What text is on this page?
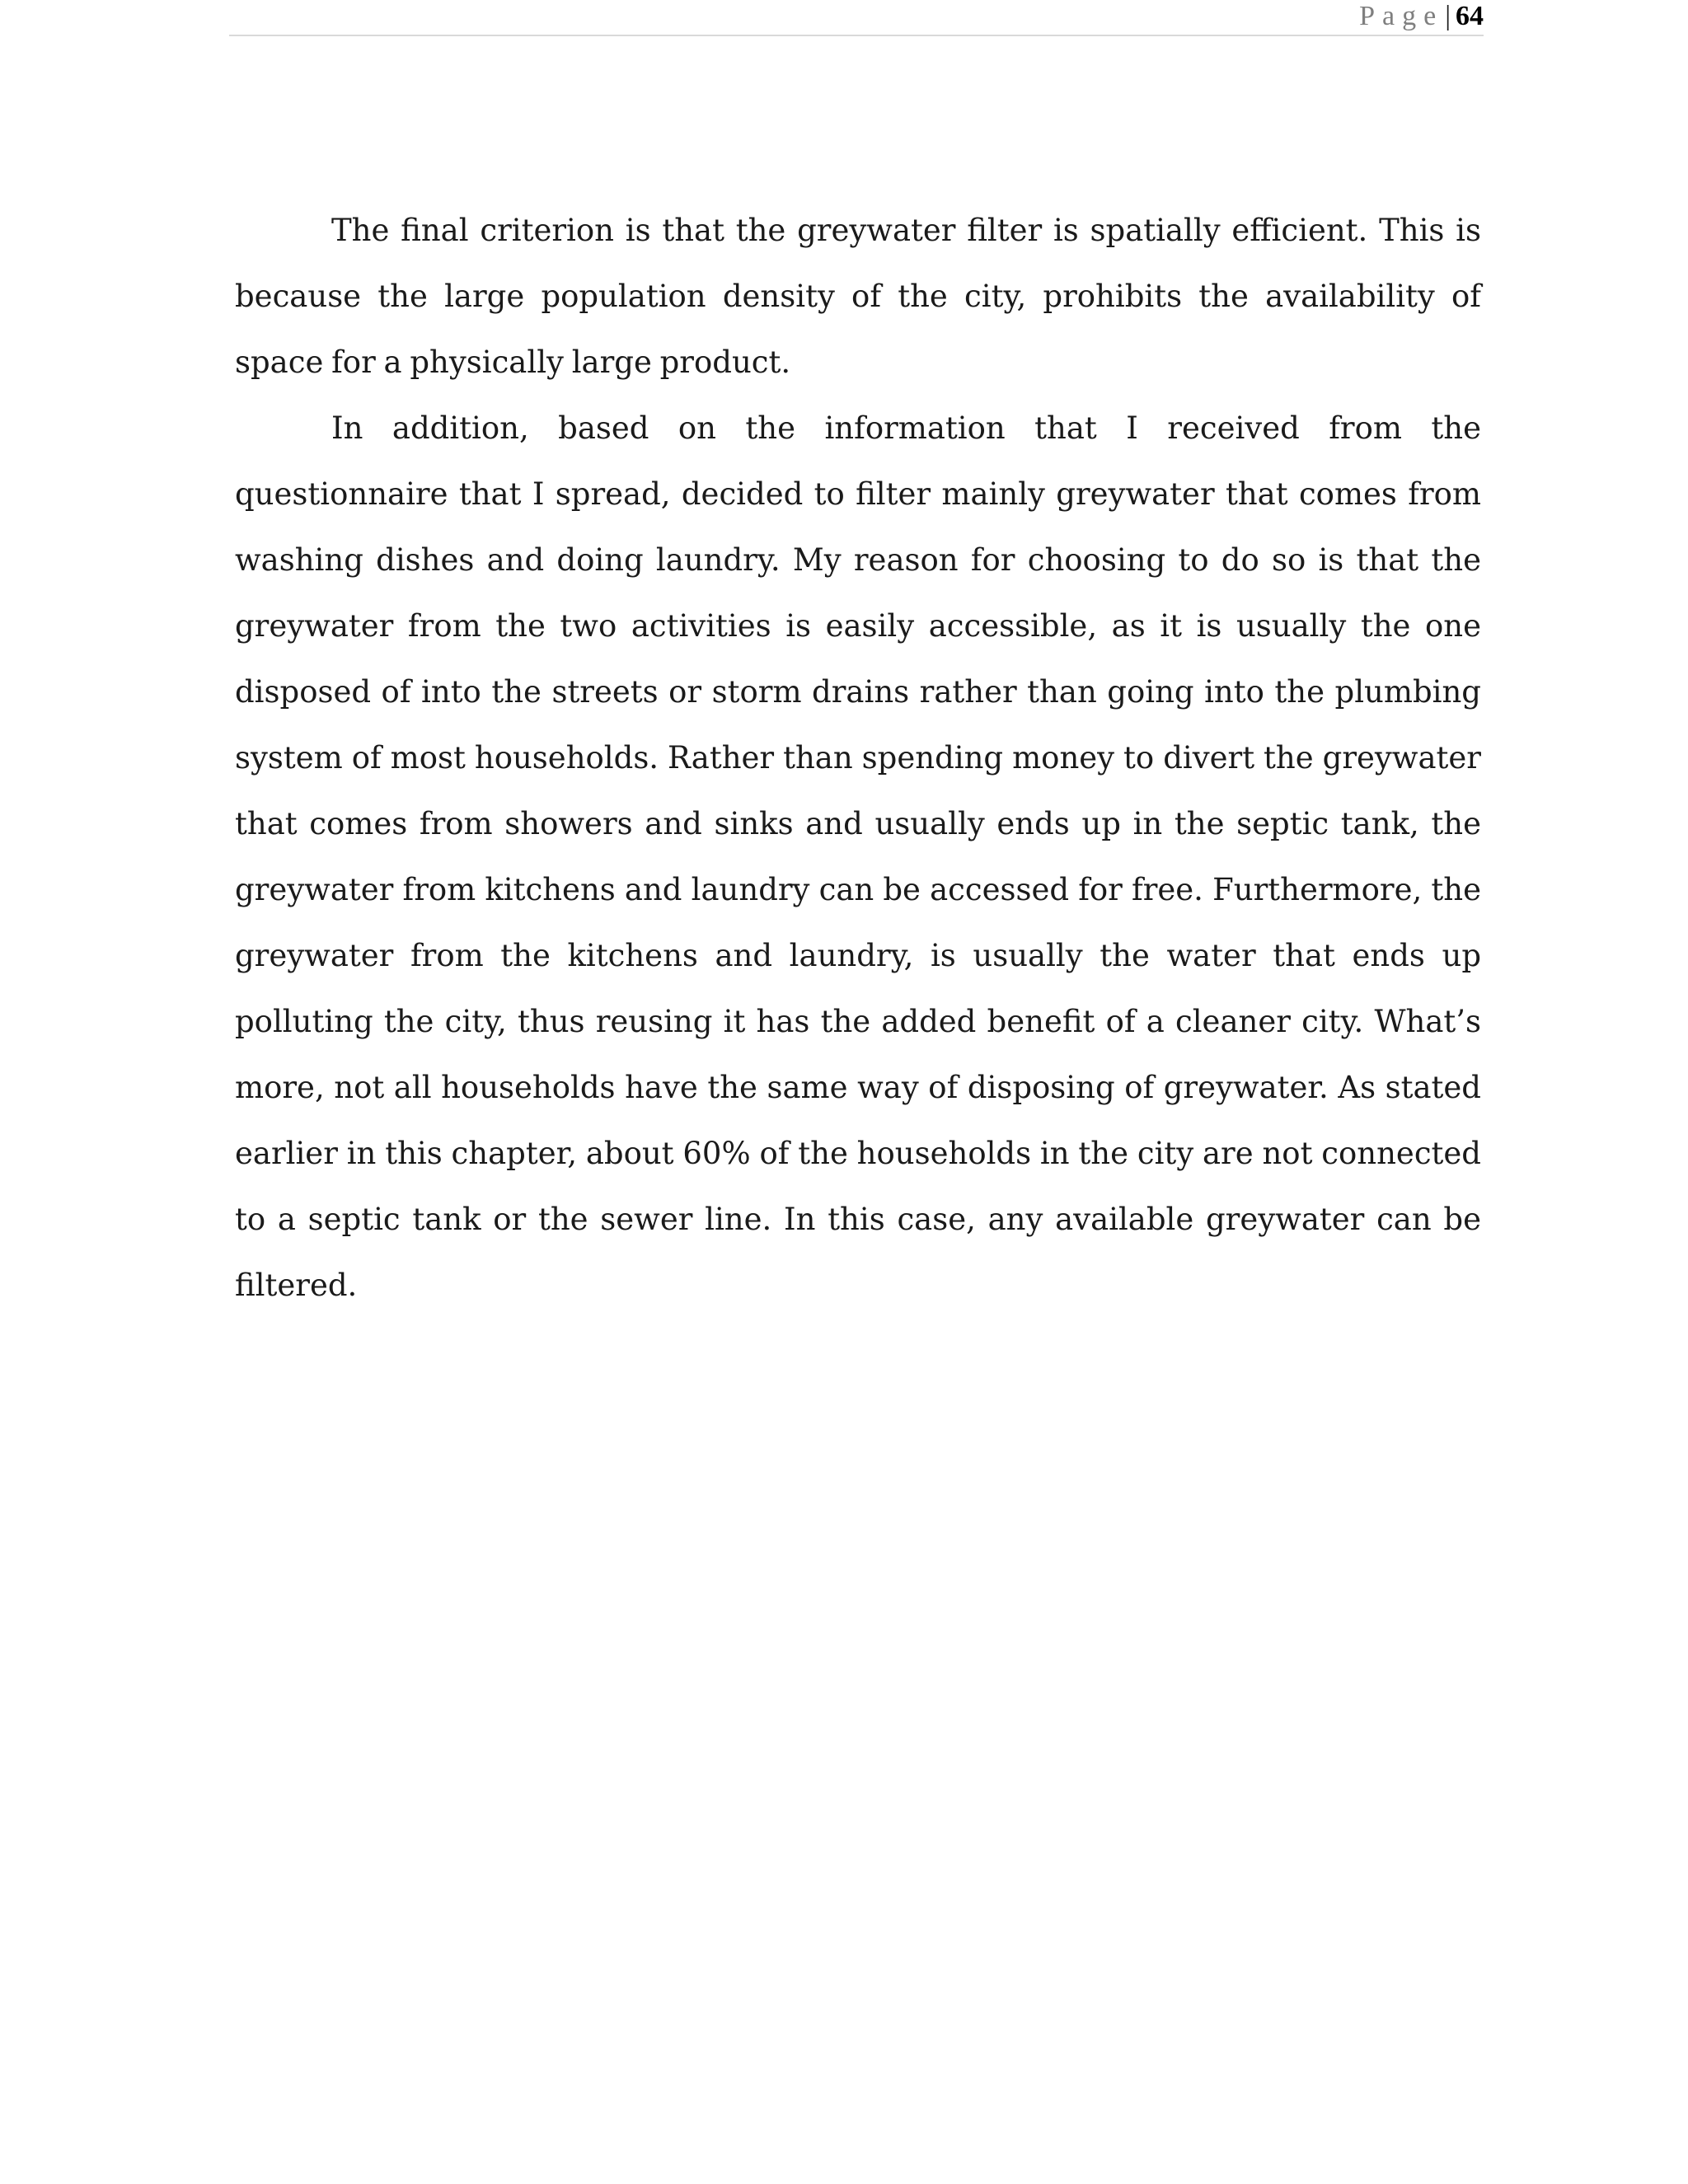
Page| 64

The final criterion is that the greywater filter is spatially efficient. This is because the large population density of the city, prohibits the availability of space for a physically large product.

In addition, based on the information that I received from the questionnaire that I spread, decided to filter mainly greywater that comes from washing dishes and doing laundry. My reason for choosing to do so is that the greywater from the two activities is easily accessible, as it is usually the one disposed of into the streets or storm drains rather than going into the plumbing system of most households. Rather than spending money to divert the greywater that comes from showers and sinks and usually ends up in the septic tank, the greywater from kitchens and laundry can be accessed for free. Furthermore, the greywater from the kitchens and laundry, is usually the water that ends up polluting the city, thus reusing it has the added benefit of a cleaner city. What’s more, not all households have the same way of disposing of greywater. As stated earlier in this chapter, about 60% of the households in the city are not connected to a septic tank or the sewer line. In this case, any available greywater can be filtered.
